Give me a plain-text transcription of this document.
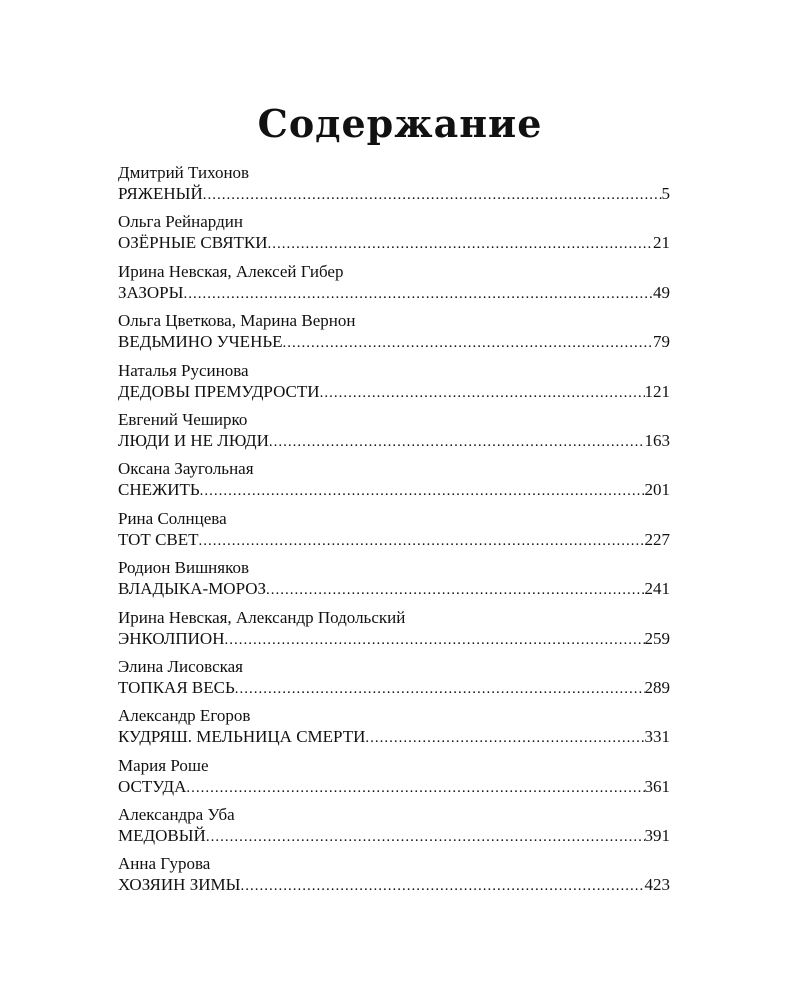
Содержание
Дмитрий Тихонов
РЯЖЕНЫЙ .....	5
Ольга Рейнардин
ОЗЁРНЫЕ СВЯТКИ .....	21
Ирина Невская, Алексей Гибер
ЗАЗОРЫ .....	49
Ольга Цветкова, Марина Вернон
ВЕДЬМИНО УЧЕНЬЕ .....	79
Наталья Русинова
ДЕДОВЫ ПРЕМУДРОСТИ .....	121
Евгений Чеширко
ЛЮДИ И НЕ ЛЮДИ .....	163
Оксана Заугольная
СНЕЖИТЬ .....	201
Рина Солнцева
ТОТ СВЕТ .....	227
Родион Вишняков
ВЛАДЫКА-МОРОЗ .....	241
Ирина Невская, Александр Подольский
ЭНКОЛПИОН .....	259
Элина Лисовская
ТОПКАЯ ВЕСЬ .....	289
Александр Егоров
КУДРЯШ. МЕЛЬНИЦА СМЕРТИ .....	331
Мария Роше
ОСТУДА .....	361
Александра Уба
МЕДОВЫЙ .....	391
Анна Гурова
ХОЗЯИН ЗИМЫ .....	423
